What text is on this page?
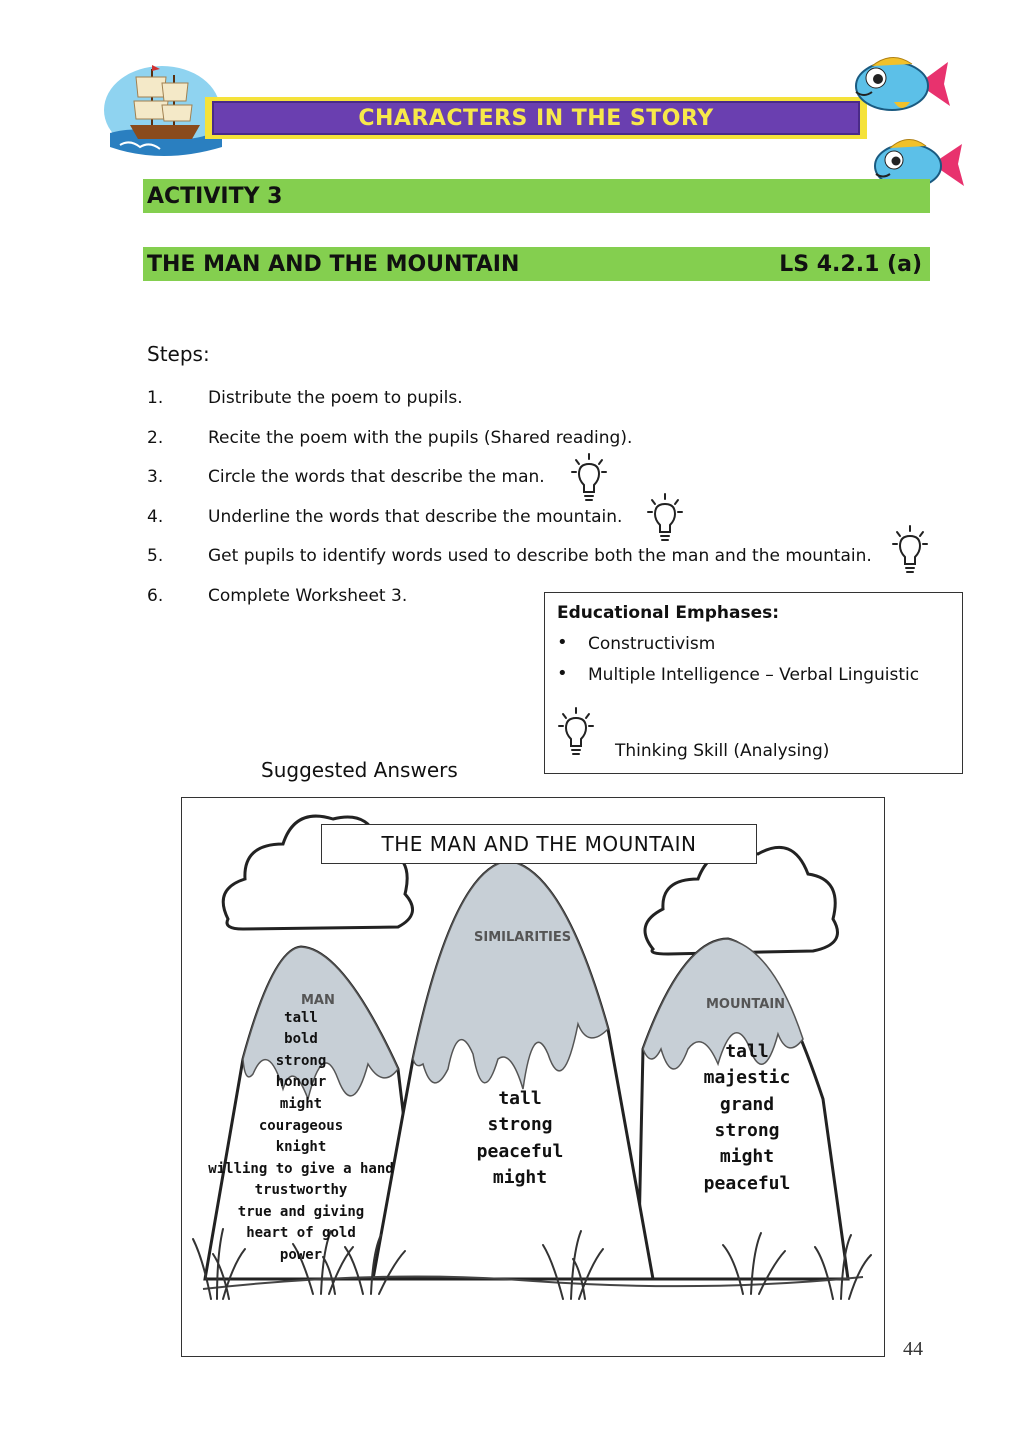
CHARACTERS IN THE STORY
ACTIVITY 3
THE MAN AND THE MOUNTAIN	LS 4.2.1 (a)
Steps:
1.	Distribute the poem to pupils.
2.	Recite the poem with the pupils (Shared reading).
3.	Circle the words that describe the man.
4.	Underline the words that describe the mountain.
5.	Get pupils to identify words used to describe both the man and the mountain.
6.	Complete Worksheet 3.
Educational Emphases:
• Constructivism
• Multiple Intelligence – Verbal Linguistic
Thinking Skill (Analysing)
Suggested Answers
THE MAN AND THE MOUNTAIN
SIMILARITIES
MAN	MOUNTAIN
tall
bold
strong
honour
might
courageous
knight
willing to give a hand
trustworthy
true and giving
heart of gold
power
tall
strong
peaceful
might
tall
majestic
grand
strong
might
peaceful
44
